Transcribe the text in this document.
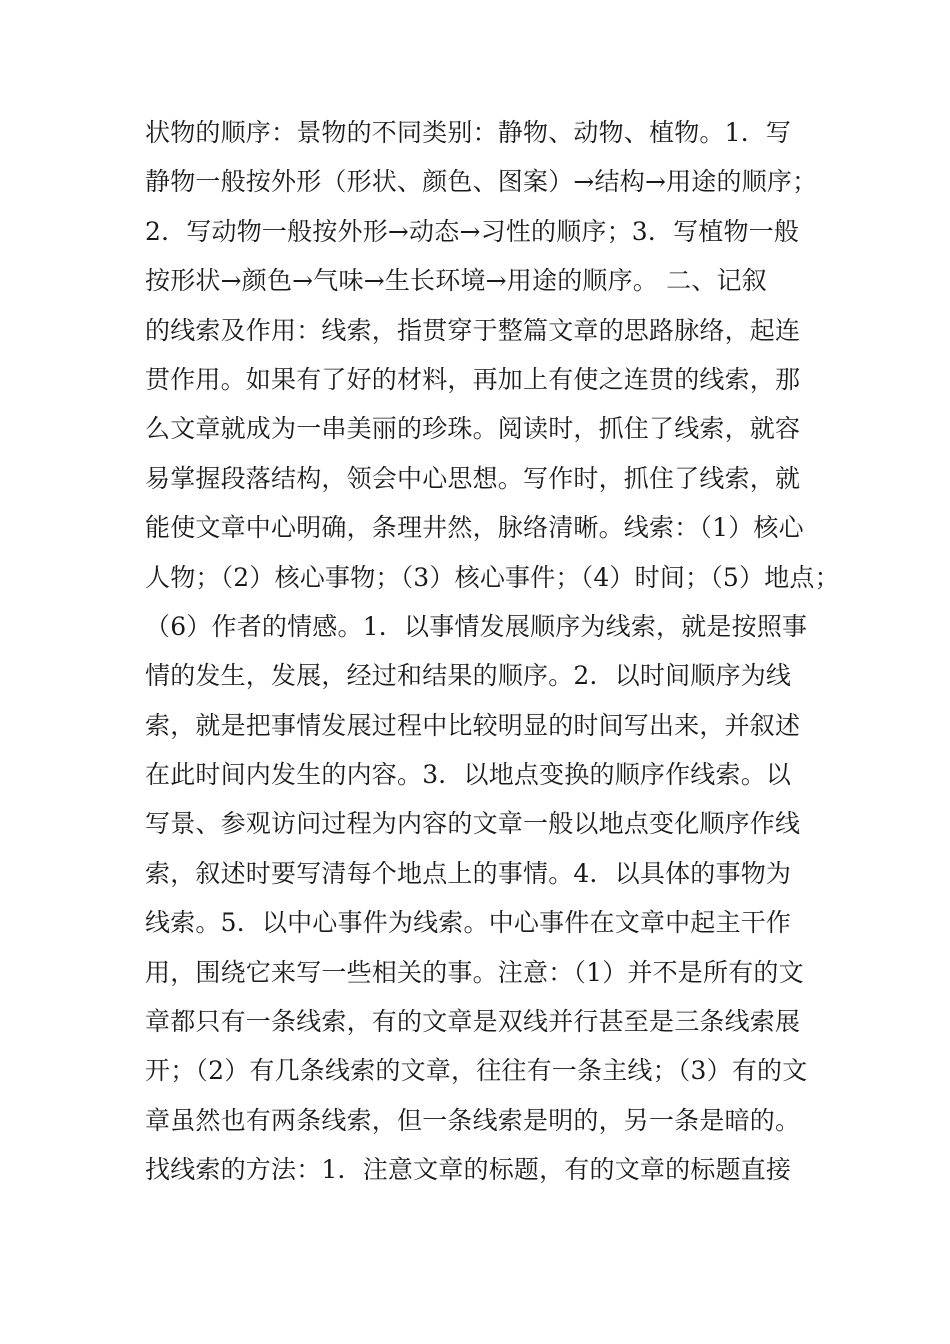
状物的顺序：景物的不同类别：静物、动物、植物。1．写
静物一般按外形（形状、颜色、图案）→结构→用途的顺序；
2．写动物一般按外形→动态→习性的顺序；3．写植物一般
按形状→颜色→气味→生长环境→用途的顺序。 二、记叙
的线索及作用：线索，指贯穿于整篇文章的思路脉络，起连
贯作用。如果有了好的材料，再加上有使之连贯的线索，那
么文章就成为一串美丽的珍珠。阅读时，抓住了线索，就容
易掌握段落结构，领会中心思想。写作时，抓住了线索，就
能使文章中心明确，条理井然，脉络清晰。线索：（1）核心
人物；（2）核心事物；（3）核心事件；（4）时间；（5）地点；
（6）作者的情感。1．以事情发展顺序为线索，就是按照事
情的发生，发展，经过和结果的顺序。2．以时间顺序为线
索，就是把事情发展过程中比较明显的时间写出来，并叙述
在此时间内发生的内容。3．以地点变换的顺序作线索。以
写景、参观访问过程为内容的文章一般以地点变化顺序作线
索，叙述时要写清每个地点上的事情。4．以具体的事物为
线索。5．以中心事件为线索。中心事件在文章中起主干作
用，围绕它来写一些相关的事。注意：（1）并不是所有的文
章都只有一条线索，有的文章是双线并行甚至是三条线索展
开；（2）有几条线索的文章，往往有一条主线；（3）有的文
章虽然也有两条线索，但一条线索是明的，另一条是暗的。
找线索的方法：1．注意文章的标题，有的文章的标题直接
